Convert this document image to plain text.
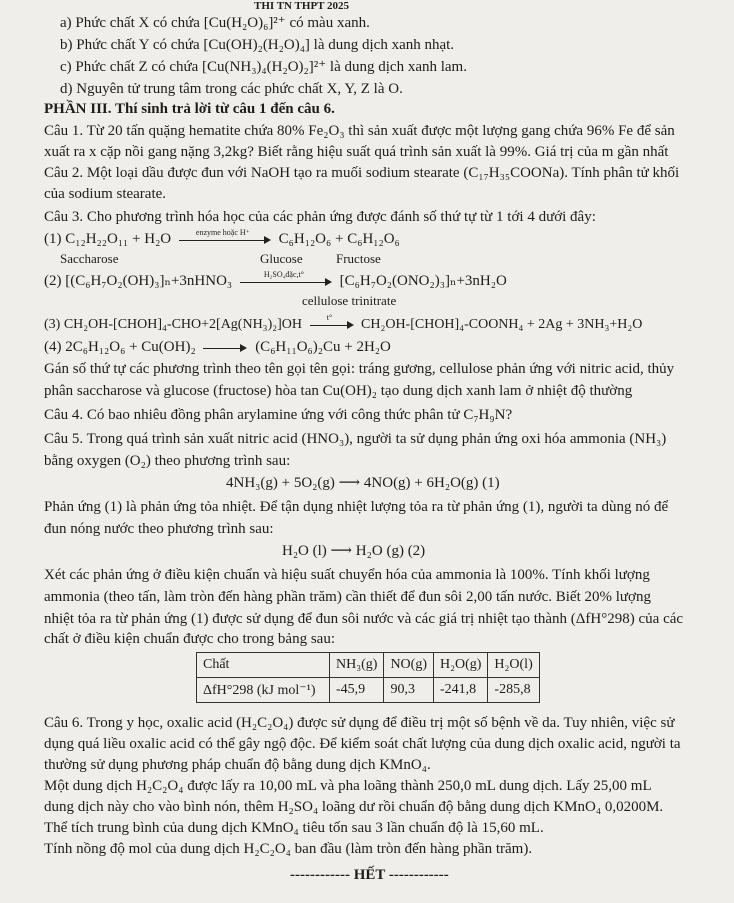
THI TN THPT 2025
a) Phức chất X có chứa [Cu(H₂O)₆]²⁺ có màu xanh.
b) Phức chất Y có chứa [Cu(OH)₂(H₂O)₄] là dung dịch xanh nhạt.
c) Phức chất Z có chứa [Cu(NH₃)₄(H₂O)₂]²⁺ là dung dịch xanh lam.
d) Nguyên tử trung tâm trong các phức chất X, Y, Z là O.
PHẦN III. Thí sinh trả lời từ câu 1 đến câu 6.
Câu 1. Từ 20 tấn quặng hematite chứa 80% Fe₂O₃ thì sản xuất được một lượng gang chứa 96% Fe để sản
xuất ra x cặp nồi gang nặng 3,2kg? Biết rằng hiệu suất quá trình sản xuất là 99%. Giá trị của m gần nhất
Câu 2. Một loại dầu được đun với NaOH tạo ra muối sodium stearate (C₁₇H₃₅COONa). Tính phân tử khối
của sodium stearate.
Câu 3. Cho phương trình hóa học của các phản ứng được đánh số thứ tự từ 1 tới 4 dưới đây:
(1) C₁₂H₂₂O₁₁ + H₂O	enzyme hoặc H⁺	C₆H₁₂O₆ + C₆H₁₂O₆
Saccharose	Glucose	Fructose
(2) [(C₆H₇O₂(OH)₃]ₙ+3nHNO₃	H₂SO₄đặc,t°	[C₆H₇O₂(ONO₂)₃]ₙ+3nH₂O
cellulose trinitrate
(3) CH₂OH-[CHOH]₄-CHO+2[Ag(NH₃)₂]OH	t°	CH₂OH-[CHOH]₄-COONH₄ + 2Ag + 3NH₃+H₂O
(4) 2C₆H₁₂O₆ + Cu(OH)₂	(C₆H₁₁O₆)₂Cu + 2H₂O
Gán số thứ tự các phương trình theo tên gọi tên gọi: tráng gương, cellulose phản ứng với nitric acid, thủy
phân saccharose và glucose (fructose) hòa tan Cu(OH)₂ tạo dung dịch xanh lam ở nhiệt độ thường
Câu 4. Có bao nhiêu đồng phân arylamine ứng với công thức phân tử C₇H₉N?
Câu 5. Trong quá trình sản xuất nitric acid (HNO₃), người ta sử dụng phản ứng oxi hóa ammonia (NH₃)
bằng oxygen (O₂) theo phương trình sau:
4NH₃(g) + 5O₂(g) ⟶ 4NO(g) + 6H₂O(g) (1)
Phản ứng (1) là phản ứng tỏa nhiệt. Để tận dụng nhiệt lượng tỏa ra từ phản ứng (1), người ta dùng nó để
đun nóng nước theo phương trình sau:
H₂O (l) ⟶ H₂O (g) (2)
Xét các phản ứng ở điều kiện chuẩn và hiệu suất chuyển hóa của ammonia là 100%. Tính khối lượng
ammonia (theo tấn, làm tròn đến hàng phần trăm) cần thiết để đun sôi 2,00 tấn nước. Biết 20% lượng
nhiệt tỏa ra từ phản ứng (1) được sử dụng để đun sôi nước và các giá trị nhiệt tạo thành (ΔfH°298) của các
chất ở điều kiện chuẩn được cho trong bảng sau:
Chất	NH₃(g)	NO(g)	H₂O(g)	H₂O(l)
ΔfH°298 (kJ mol⁻¹)	-45,9	90,3	-241,8	-285,8
Câu 6. Trong y học, oxalic acid (H₂C₂O₄) được sử dụng để điều trị một số bệnh về da. Tuy nhiên, việc sử
dụng quá liều oxalic acid có thể gây ngộ độc. Để kiểm soát chất lượng của dung dịch oxalic acid, người ta
thường sử dụng phương pháp chuẩn độ bằng dung dịch KMnO₄.
Một dung dịch H₂C₂O₄ được lấy ra 10,00 mL và pha loãng thành 250,0 mL dung dịch. Lấy 25,00 mL
dung dịch này cho vào bình nón, thêm H₂SO₄ loãng dư rồi chuẩn độ bằng dung dịch KMnO₄ 0,0200M.
Thể tích trung bình của dung dịch KMnO₄ tiêu tốn sau 3 lần chuẩn độ là 15,60 mL.
Tính nồng độ mol của dung dịch H₂C₂O₄ ban đầu (làm tròn đến hàng phần trăm).
------------ HẾT ------------
